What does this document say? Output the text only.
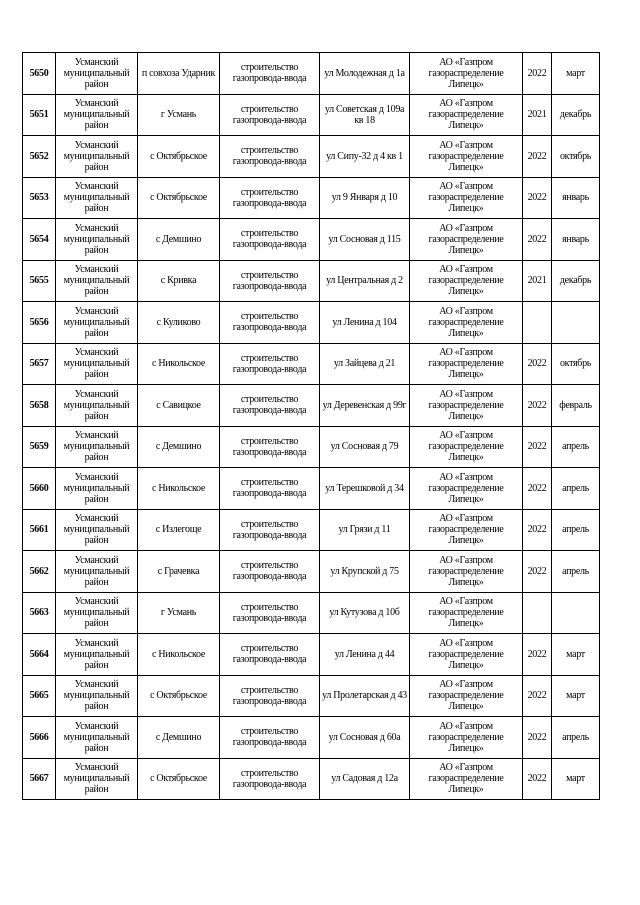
5650	Усманский муниципальный район	п совхоза Ударник	строительство газопровода-ввода	ул Молодежная д 1а	АО «Газпром газораспределение Липецк»	2022	март
5651	Усманский муниципальный район	г Усмань	строительство газопровода-ввода	ул Советская д 109а кв 18	АО «Газпром газораспределение Липецк»	2021	декабрь
5652	Усманский муниципальный район	с Октябрьское	строительство газопровода-ввода	ул Сипу-32 д 4 кв 1	АО «Газпром газораспределение Липецк»	2022	октябрь
5653	Усманский муниципальный район	с Октябрьское	строительство газопровода-ввода	ул 9 Января д 10	АО «Газпром газораспределение Липецк»	2022	январь
5654	Усманский муниципальный район	с Демшино	строительство газопровода-ввода	ул Сосновая д 115	АО «Газпром газораспределение Липецк»	2022	январь
5655	Усманский муниципальный район	с Кривка	строительство газопровода-ввода	ул Центральная д 2	АО «Газпром газораспределение Липецк»	2021	декабрь
5656	Усманский муниципальный район	с Куликово	строительство газопровода-ввода	ул Ленина д 104	АО «Газпром газораспределение Липецк»		
5657	Усманский муниципальный район	с Никольское	строительство газопровода-ввода	ул Зайцева д 21	АО «Газпром газораспределение Липецк»	2022	октябрь
5658	Усманский муниципальный район	с Савицкое	строительство газопровода-ввода	ул Деревенская д 99г	АО «Газпром газораспределение Липецк»	2022	февраль
5659	Усманский муниципальный район	с Демшино	строительство газопровода-ввода	ул Сосновая д 79	АО «Газпром газораспределение Липецк»	2022	апрель
5660	Усманский муниципальный район	с Никольское	строительство газопровода-ввода	ул Терешковой д 34	АО «Газпром газораспределение Липецк»	2022	апрель
5661	Усманский муниципальный район	с Излегоще	строительство газопровода-ввода	ул Грязи д 11	АО «Газпром газораспределение Липецк»	2022	апрель
5662	Усманский муниципальный район	с Грачевка	строительство газопровода-ввода	ул Крупской д 75	АО «Газпром газораспределение Липецк»	2022	апрель
5663	Усманский муниципальный район	г Усмань	строительство газопровода-ввода	ул Кутузова д 10б	АО «Газпром газораспределение Липецк»		
5664	Усманский муниципальный район	с Никольское	строительство газопровода-ввода	ул Ленина д 44	АО «Газпром газораспределение Липецк»	2022	март
5665	Усманский муниципальный район	с Октябрьское	строительство газопровода-ввода	ул Пролетарская д 43	АО «Газпром газораспределение Липецк»	2022	март
5666	Усманский муниципальный район	с Демшино	строительство газопровода-ввода	ул Сосновая д 60а	АО «Газпром газораспределение Липецк»	2022	апрель
5667	Усманский муниципальный район	с Октябрьское	строительство газопровода-ввода	ул Садовая д 12а	АО «Газпром газораспределение Липецк»	2022	март
